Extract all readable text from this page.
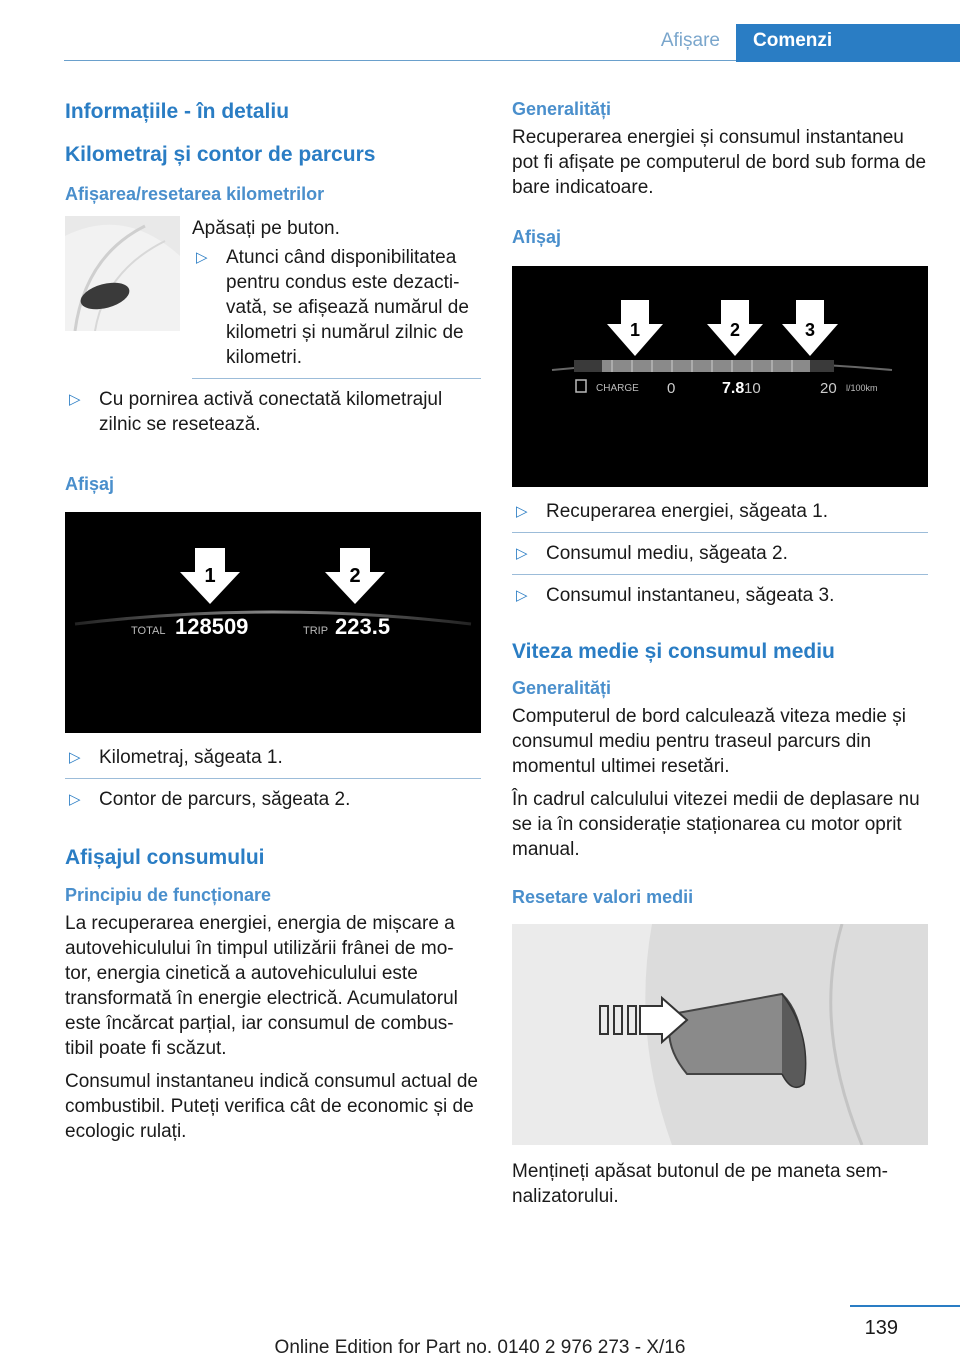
Afișare	Comenzi
Informațiile - în detaliu
Kilometraj și contor de parcurs
Afișarea/resetarea kilometrilor

Apăsați pe buton.

▷ Atunci când disponibilitatea pentru condus este dezacti‐ vată, se afișează numărul de kilometri și numărul zilnic de kilometri.
▷ Cu pornirea activă conectată kilometrajul zilnic se resetează.
Afișaj
1	2
TOTAL 128509	TRIP 223.5
▷ Kilometraj, săgeata 1.
▷ Contor de parcurs, săgeata 2.
Afișajul consumului
Principiu de funcționare

La recuperarea energiei, energia de mișcare a autovehiculului în timpul utilizării frânei de mo‐ tor, energia cinetică a autovehiculului este transformată în energie electrică. Acumulatorul este încărcat parțial, iar consumul de combus‐ tibil poate fi scăzut.

Consumul instantaneu indică consumul actual de combustibil. Puteți verifica cât de economic și de ecologic rulați.

Generalități

Recuperarea energiei și consumul instantaneu pot fi afișate pe computerul de bord sub forma de bare indicatoare.

Afișaj
1	2	3
CHARGE 0	7.8 10	20 l/100km
▷ Recuperarea energiei, săgeata 1.
▷ Consumul mediu, săgeata 2.
▷ Consumul instantaneu, săgeata 3.
Viteza medie și consumul mediu
Generalități

Computerul de bord calculează viteza medie și consumul mediu pentru traseul parcurs din momentul ultimei resetări.

În cadrul calculului vitezei medii de deplasare nu se ia în considerație staționarea cu motor oprit manual.

Resetare valori medii

Mențineți apăsat butonul de pe maneta sem‐ nalizatorului.

139
Online Edition for Part no. 0140 2 976 273 - X/16
